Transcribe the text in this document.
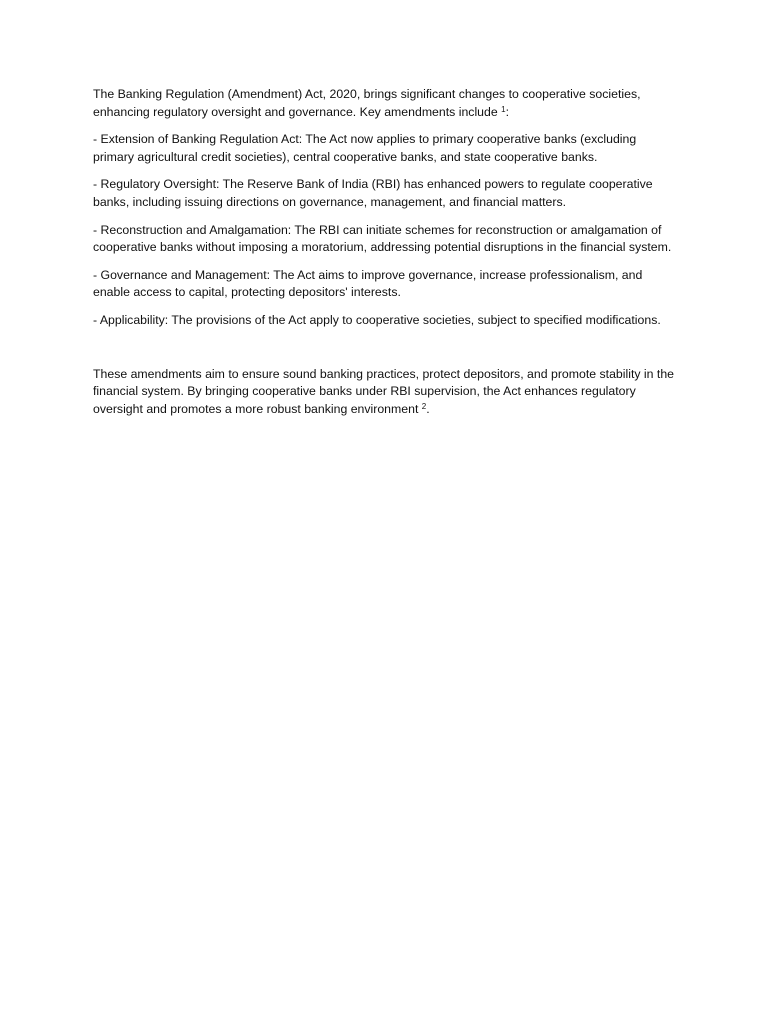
The Banking Regulation (Amendment) Act, 2020, brings significant changes to cooperative societies, enhancing regulatory oversight and governance. Key amendments include $^1$:

- Extension of Banking Regulation Act: The Act now applies to primary cooperative banks (excluding primary agricultural credit societies), central cooperative banks, and state cooperative banks.

- Regulatory Oversight: The Reserve Bank of India (RBI) has enhanced powers to regulate cooperative banks, including issuing directions on governance, management, and financial matters.

- Reconstruction and Amalgamation: The RBI can initiate schemes for reconstruction or amalgamation of cooperative banks without imposing a moratorium, addressing potential disruptions in the financial system.

- Governance and Management: The Act aims to improve governance, increase professionalism, and enable access to capital, protecting depositors' interests.

- Applicability: The provisions of the Act apply to cooperative societies, subject to specified modifications.

These amendments aim to ensure sound banking practices, protect depositors, and promote stability in the financial system. By bringing cooperative banks under RBI supervision, the Act enhances regulatory oversight and promotes a more robust banking environment $^2$.
